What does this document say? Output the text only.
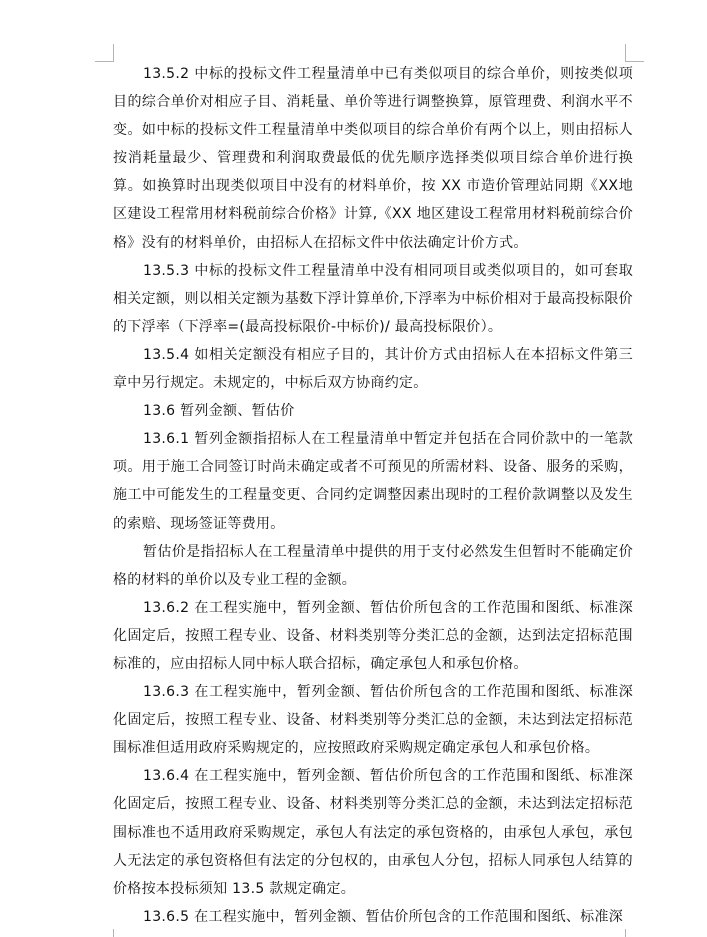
13.5.2 中标的投标文件工程量清单中已有类似项目的综合单价，则按类似项目的综合单价对相应子目、消耗量、单价等进行调整换算，原管理费、利润水平不变。如中标的投标文件工程量清单中类似项目的综合单价有两个以上，则由招标人按消耗量最少、管理费和利润取费最低的优先顺序选择类似项目综合单价进行换算。如换算时出现类似项目中没有的材料单价，按 XX 市造价管理站同期《XX地区建设工程常用材料税前综合价格》计算,《XX 地区建设工程常用材料税前综合价格》没有的材料单价，由招标人在招标文件中依法确定计价方式。

13.5.3 中标的投标文件工程量清单中没有相同项目或类似项目的，如可套取相关定额，则以相关定额为基数下浮计算单价,下浮率为中标价相对于最高投标限价的下浮率（下浮率=(最高投标限价-中标价)/ 最高投标限价）。

13.5.4 如相关定额没有相应子目的，其计价方式由招标人在本招标文件第三章中另行规定。未规定的，中标后双方协商约定。

13.6 暂列金额、暂估价

13.6.1 暂列金额指招标人在工程量清单中暂定并包括在合同价款中的一笔款项。用于施工合同签订时尚未确定或者不可预见的所需材料、设备、服务的采购，施工中可能发生的工程量变更、合同约定调整因素出现时的工程价款调整以及发生的索赔、现场签证等费用。

暂估价是指招标人在工程量清单中提供的用于支付必然发生但暂时不能确定价格的材料的单价以及专业工程的金额。

13.6.2 在工程实施中，暂列金额、暂估价所包含的工作范围和图纸、标准深化固定后，按照工程专业、设备、材料类别等分类汇总的金额，达到法定招标范围标准的，应由招标人同中标人联合招标，确定承包人和承包价格。

13.6.3 在工程实施中，暂列金额、暂估价所包含的工作范围和图纸、标准深化固定后，按照工程专业、设备、材料类别等分类汇总的金额，未达到法定招标范围标准但适用政府采购规定的，应按照政府采购规定确定承包人和承包价格。

13.6.4 在工程实施中，暂列金额、暂估价所包含的工作范围和图纸、标准深化固定后，按照工程专业、设备、材料类别等分类汇总的金额，未达到法定招标范围标准也不适用政府采购规定，承包人有法定的承包资格的，由承包人承包，承包人无法定的承包资格但有法定的分包权的，由承包人分包，招标人同承包人结算的价格按本投标须知 13.5 款规定确定。

13.6.5 在工程实施中，暂列金额、暂估价所包含的工作范围和图纸、标准深
